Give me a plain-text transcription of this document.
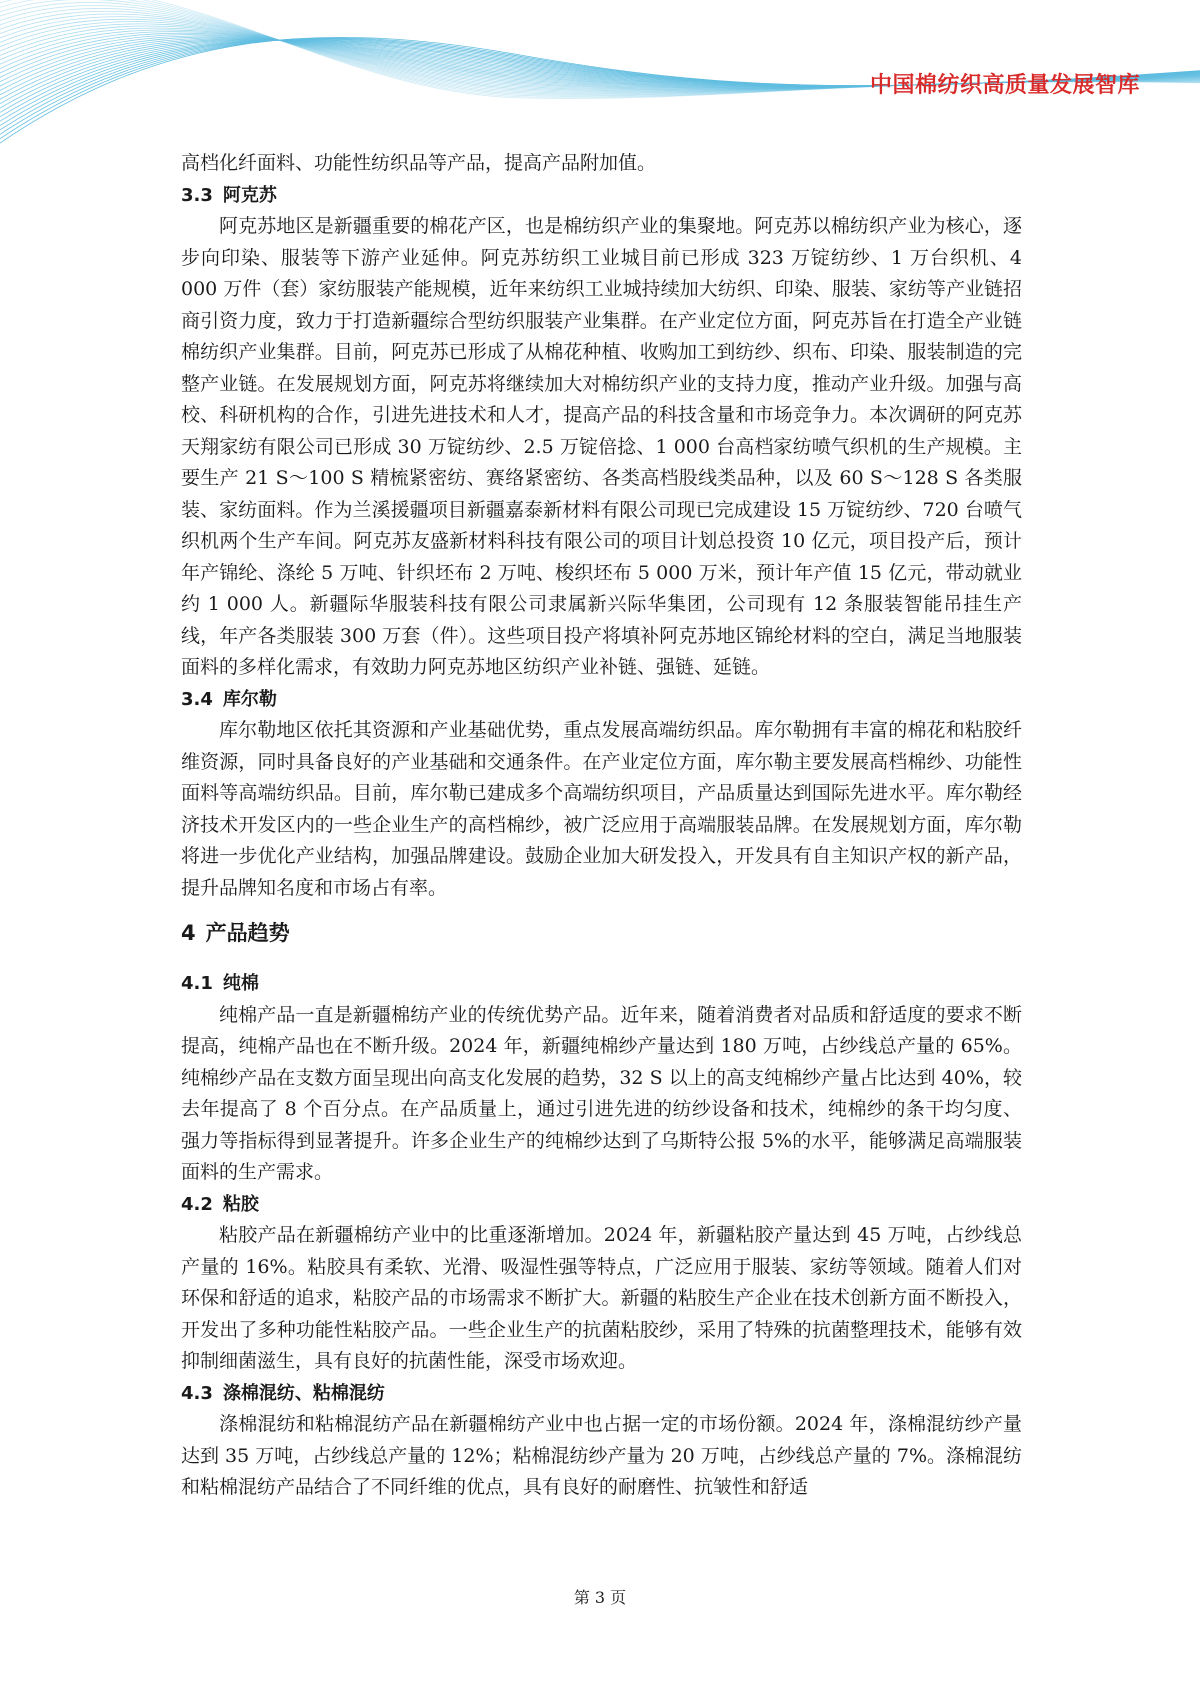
中国棉纺织高质量发展智库

高档化纤面料、功能性纺织品等产品，提高产品附加值。

3.3 阿克苏

阿克苏地区是新疆重要的棉花产区，也是棉纺织产业的集聚地。阿克苏以棉纺织产业为核心，逐步向印染、服装等下游产业延伸。阿克苏纺织工业城目前已形成 323 万锭纺纱、1 万台织机、4 000 万件（套）家纺服装产能规模，近年来纺织工业城持续加大纺织、印染、服装、家纺等产业链招商引资力度，致力于打造新疆综合型纺织服装产业集群。在产业定位方面，阿克苏旨在打造全产业链棉纺织产业集群。目前，阿克苏已形成了从棉花种植、收购加工到纺纱、织布、印染、服装制造的完整产业链。在发展规划方面，阿克苏将继续加大对棉纺织产业的支持力度，推动产业升级。加强与高校、科研机构的合作，引进先进技术和人才，提高产品的科技含量和市场竞争力。本次调研的阿克苏天翔家纺有限公司已形成 30 万锭纺纱、2.5 万锭倍捻、1 000 台高档家纺喷气织机的生产规模。主要生产 21 S～100 S 精梳紧密纺、赛络紧密纺、各类高档股线类品种，以及 60 S～128 S 各类服装、家纺面料。作为兰溪援疆项目新疆嘉泰新材料有限公司现已完成建设 15 万锭纺纱、720 台喷气织机两个生产车间。阿克苏友盛新材料科技有限公司的项目计划总投资 10 亿元，项目投产后，预计年产锦纶、涤纶 5 万吨、针织坯布 2 万吨、梭织坯布 5 000 万米，预计年产值 15 亿元，带动就业约 1 000 人。新疆际华服装科技有限公司隶属新兴际华集团，公司现有 12 条服装智能吊挂生产线，年产各类服装 300 万套（件）。这些项目投产将填补阿克苏地区锦纶材料的空白，满足当地服装面料的多样化需求，有效助力阿克苏地区纺织产业补链、强链、延链。

3.4 库尔勒

库尔勒地区依托其资源和产业基础优势，重点发展高端纺织品。库尔勒拥有丰富的棉花和粘胶纤维资源，同时具备良好的产业基础和交通条件。在产业定位方面，库尔勒主要发展高档棉纱、功能性面料等高端纺织品。目前，库尔勒已建成多个高端纺织项目，产品质量达到国际先进水平。库尔勒经济技术开发区内的一些企业生产的高档棉纱，被广泛应用于高端服装品牌。在发展规划方面，库尔勒将进一步优化产业结构，加强品牌建设。鼓励企业加大研发投入，开发具有自主知识产权的新产品，提升品牌知名度和市场占有率。

4 产品趋势
4.1 纯棉

纯棉产品一直是新疆棉纺产业的传统优势产品。近年来，随着消费者对品质和舒适度的要求不断提高，纯棉产品也在不断升级。2024 年，新疆纯棉纱产量达到 180 万吨，占纱线总产量的 65%。纯棉纱产品在支数方面呈现出向高支化发展的趋势，32 S 以上的高支纯棉纱产量占比达到 40%，较去年提高了 8 个百分点。在产品质量上，通过引进先进的纺纱设备和技术，纯棉纱的条干均匀度、强力等指标得到显著提升。许多企业生产的纯棉纱达到了乌斯特公报 5%的水平，能够满足高端服装面料的生产需求。

4.2 粘胶

粘胶产品在新疆棉纺产业中的比重逐渐增加。2024 年，新疆粘胶产量达到 45 万吨，占纱线总产量的 16%。粘胶具有柔软、光滑、吸湿性强等特点，广泛应用于服装、家纺等领域。随着人们对环保和舒适的追求，粘胶产品的市场需求不断扩大。新疆的粘胶生产企业在技术创新方面不断投入，开发出了多种功能性粘胶产品。一些企业生产的抗菌粘胶纱，采用了特殊的抗菌整理技术，能够有效抑制细菌滋生，具有良好的抗菌性能，深受市场欢迎。

4.3 涤棉混纺、粘棉混纺

涤棉混纺和粘棉混纺产品在新疆棉纺产业中也占据一定的市场份额。2024 年，涤棉混纺纱产量达到 35 万吨，占纱线总产量的 12%；粘棉混纺纱产量为 20 万吨，占纱线总产量的 7%。涤棉混纺和粘棉混纺产品结合了不同纤维的优点，具有良好的耐磨性、抗皱性和舒适

第 3 页
